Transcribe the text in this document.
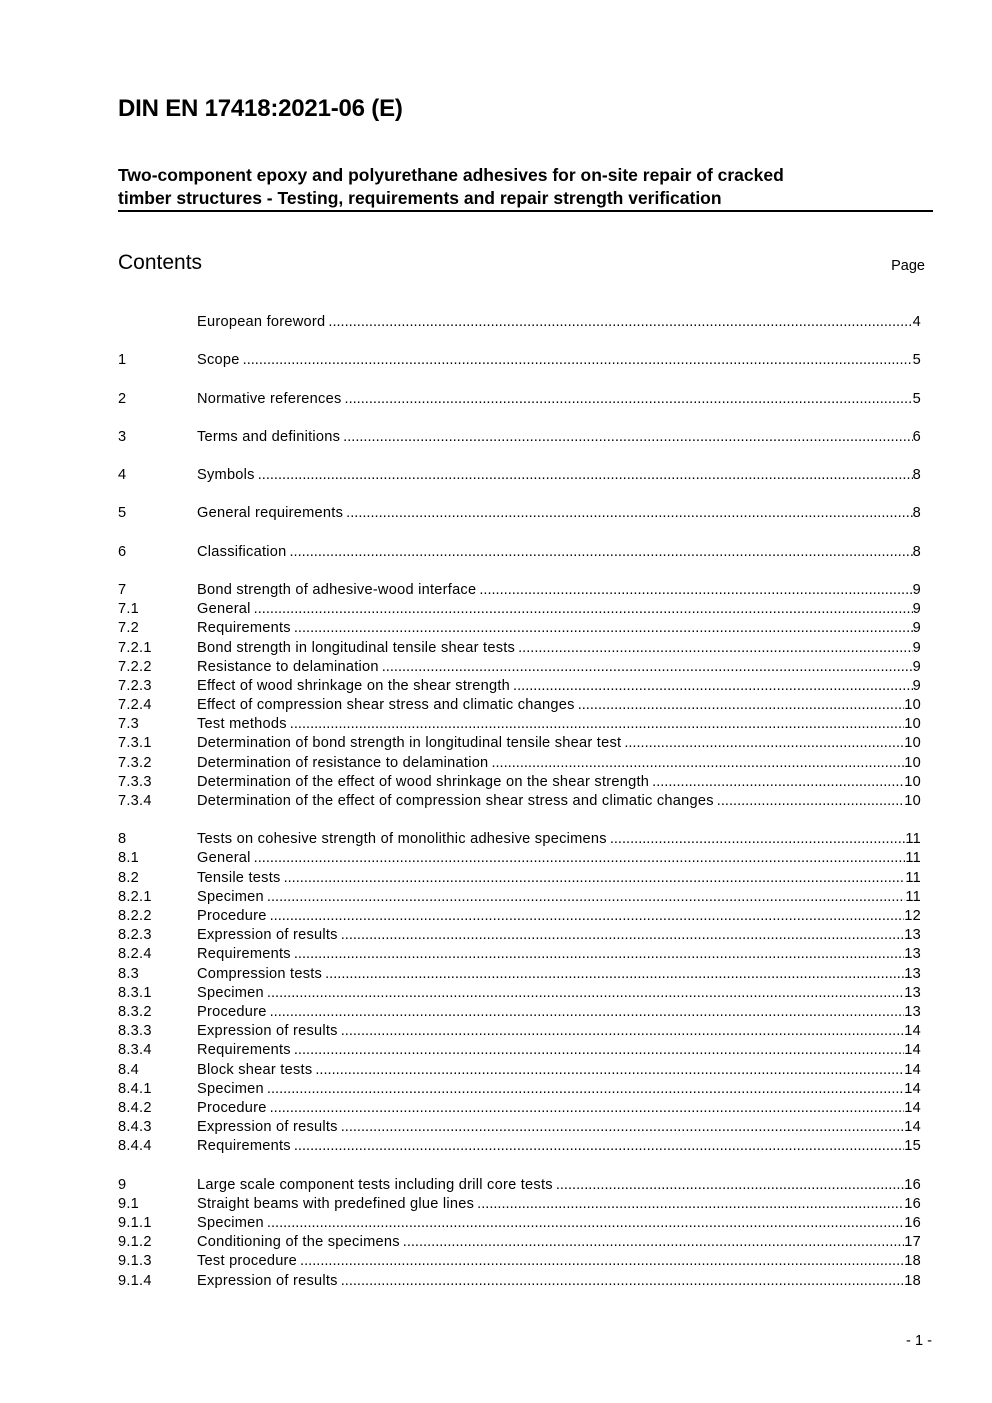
DIN EN 17418:2021-06 (E)
Two-component epoxy and polyurethane adhesives for on-site repair of cracked
timber structures - Testing, requirements and repair strength verification
Contents	Page
European foreword .....	4
1	Scope .....	5
2	Normative references .....	5
3	Terms and definitions .....	6
4	Symbols .....	8
5	General requirements .....	8
6	Classification .....	8
7	Bond strength of adhesive-wood interface .....	9
7.1	General .....	9
7.2	Requirements .....	9
7.2.1	Bond strength in longitudinal tensile shear tests .....	9
7.2.2	Resistance to delamination .....	9
7.2.3	Effect of wood shrinkage on the shear strength .....	9
7.2.4	Effect of compression shear stress and climatic changes .....	10
7.3	Test methods .....	10
7.3.1	Determination of bond strength in longitudinal tensile shear test .....	10
7.3.2	Determination of resistance to delamination .....	10
7.3.3	Determination of the effect of wood shrinkage on the shear strength .....	10
7.3.4	Determination of the effect of compression shear stress and climatic changes .....	10
8	Tests on cohesive strength of monolithic adhesive specimens .....	11
8.1	General .....	11
8.2	Tensile tests .....	11
8.2.1	Specimen .....	11
8.2.2	Procedure .....	12
8.2.3	Expression of results .....	13
8.2.4	Requirements .....	13
8.3	Compression tests .....	13
8.3.1	Specimen .....	13
8.3.2	Procedure .....	13
8.3.3	Expression of results .....	14
8.3.4	Requirements .....	14
8.4	Block shear tests .....	14
8.4.1	Specimen .....	14
8.4.2	Procedure .....	14
8.4.3	Expression of results .....	14
8.4.4	Requirements .....	15
9	Large scale component tests including drill core tests .....	16
9.1	Straight beams with predefined glue lines .....	16
9.1.1	Specimen .....	16
9.1.2	Conditioning of the specimens .....	17
9.1.3	Test procedure .....	18
9.1.4	Expression of results .....	18
- 1 -
